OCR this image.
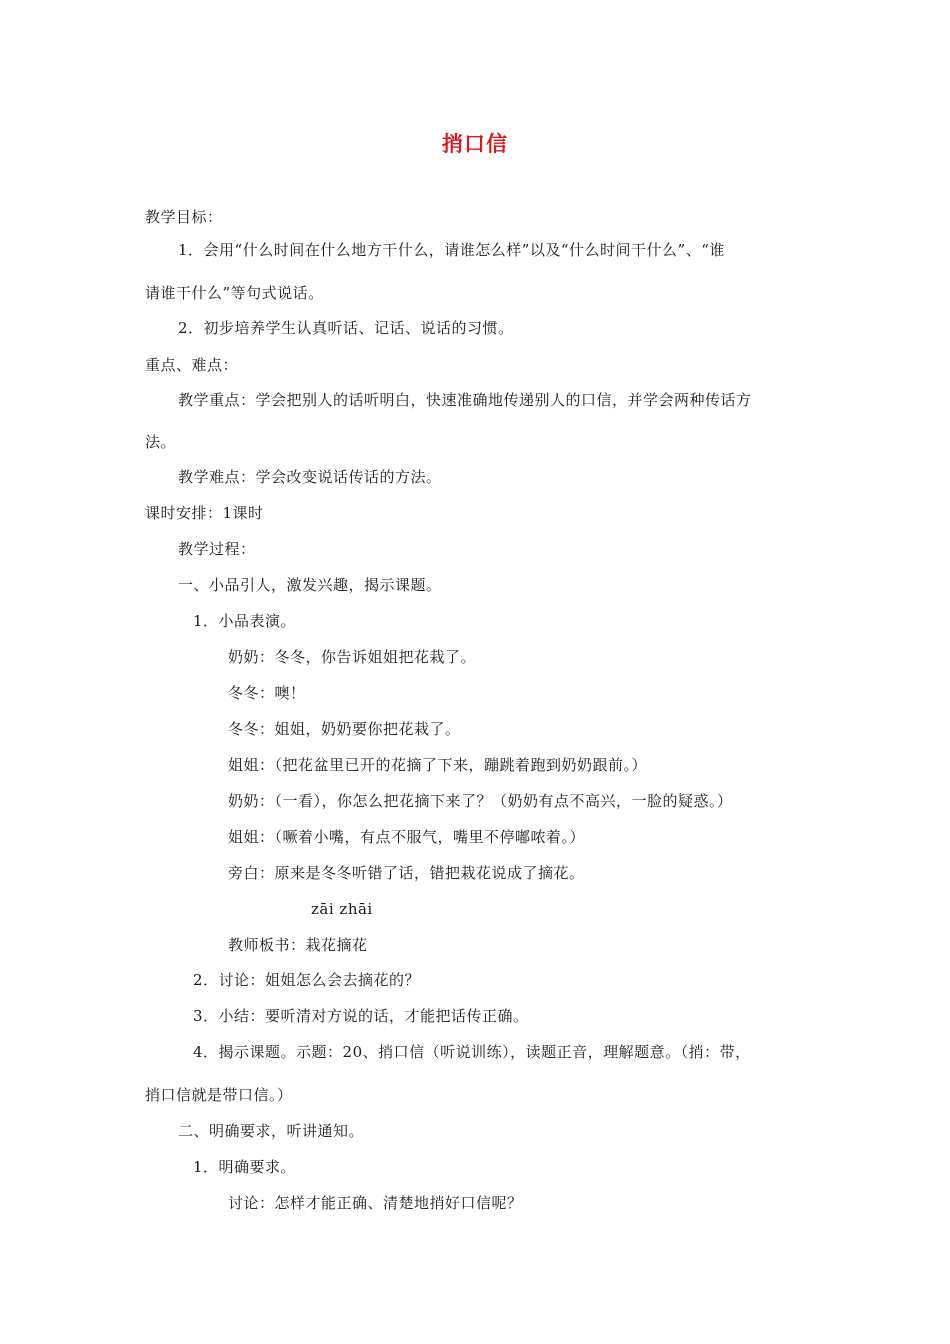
捎口信
教学目标：
1．会用“什么时间在什么地方干什么，请谁怎么样”以及“什么时间干什么”、“谁
请谁干什么”等句式说话。
2．初步培养学生认真听话、记话、说话的习惯。
重点、难点：
教学重点：学会把别人的话听明白，快速准确地传递别人的口信，并学会两种传话方
法。
教学难点：学会改变说话传话的方法。
课时安排：1课时
教学过程：
一、小品引人，激发兴趣，揭示课题。
1．小品表演。
奶奶：冬冬，你告诉姐姐把花栽了。
冬冬：噢！
冬冬：姐姐，奶奶要你把花栽了。
姐姐：（把花盆里已开的花摘了下来，蹦跳着跑到奶奶跟前。）
奶奶：（一看），你怎么把花摘下来了？（奶奶有点不高兴，一脸的疑惑。）
姐姐：（噘着小嘴，有点不服气，嘴里不停嘟哝着。）
旁白：原来是冬冬听错了话，错把栽花说成了摘花。
zāi zhāi
教师板书：栽花摘花
2．讨论：姐姐怎么会去摘花的？
3．小结：要听清对方说的话，才能把话传正确。
4．揭示课题。示题：20、捎口信（听说训练），读题正音，理解题意。（捎：带，
捎口信就是带口信。）
二、明确要求，听讲通知。
1．明确要求。
讨论：怎样才能正确、清楚地捎好口信呢？
